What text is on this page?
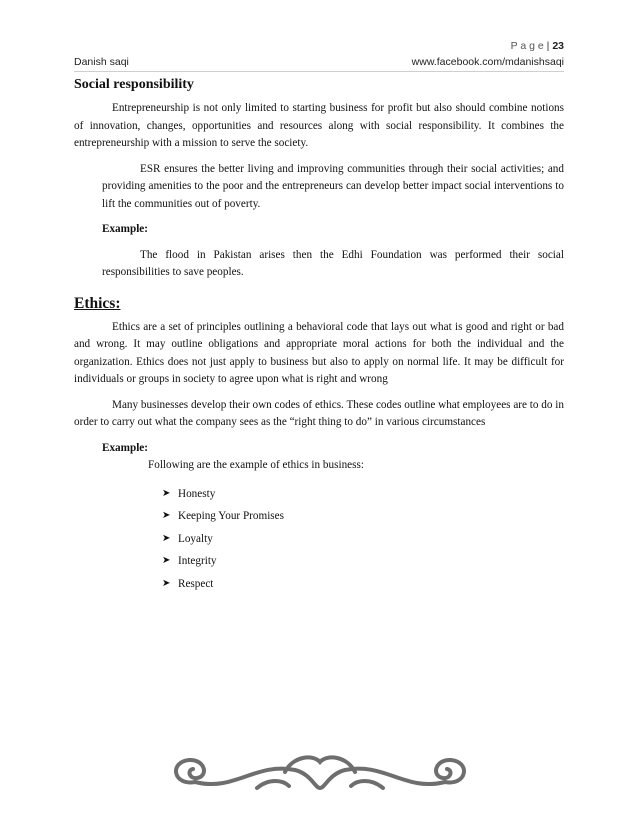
P a g e | 23
Danish saqi	www.facebook.com/mdanishsaqi
Social responsibility

Entrepreneurship is not only limited to starting business for profit but also should combine notions of innovation, changes, opportunities and resources along with social responsibility. It combines the entrepreneurship with a mission to serve the society.

ESR ensures the better living and improving communities through their social activities; and providing amenities to the poor and the entrepreneurs can develop better impact social interventions to lift the communities out of poverty.

Example:

The flood in Pakistan arises then the Edhi Foundation was performed their social responsibilities to save peoples.

Ethics:

Ethics are a set of principles outlining a behavioral code that lays out what is good and right or bad and wrong. It may outline obligations and appropriate moral actions for both the individual and the organization. Ethics does not just apply to business but also to apply on normal life. It may be difficult for individuals or groups in society to agree upon what is right and wrong

Many businesses develop their own codes of ethics. These codes outline what employees are to do in order to carry out what the company sees as the “right thing to do” in various circumstances

Example:
Following are the example of ethics in business:
➤ Honesty
➤ Keeping Your Promises
➤ Loyalty
➤ Integrity
➤ Respect
